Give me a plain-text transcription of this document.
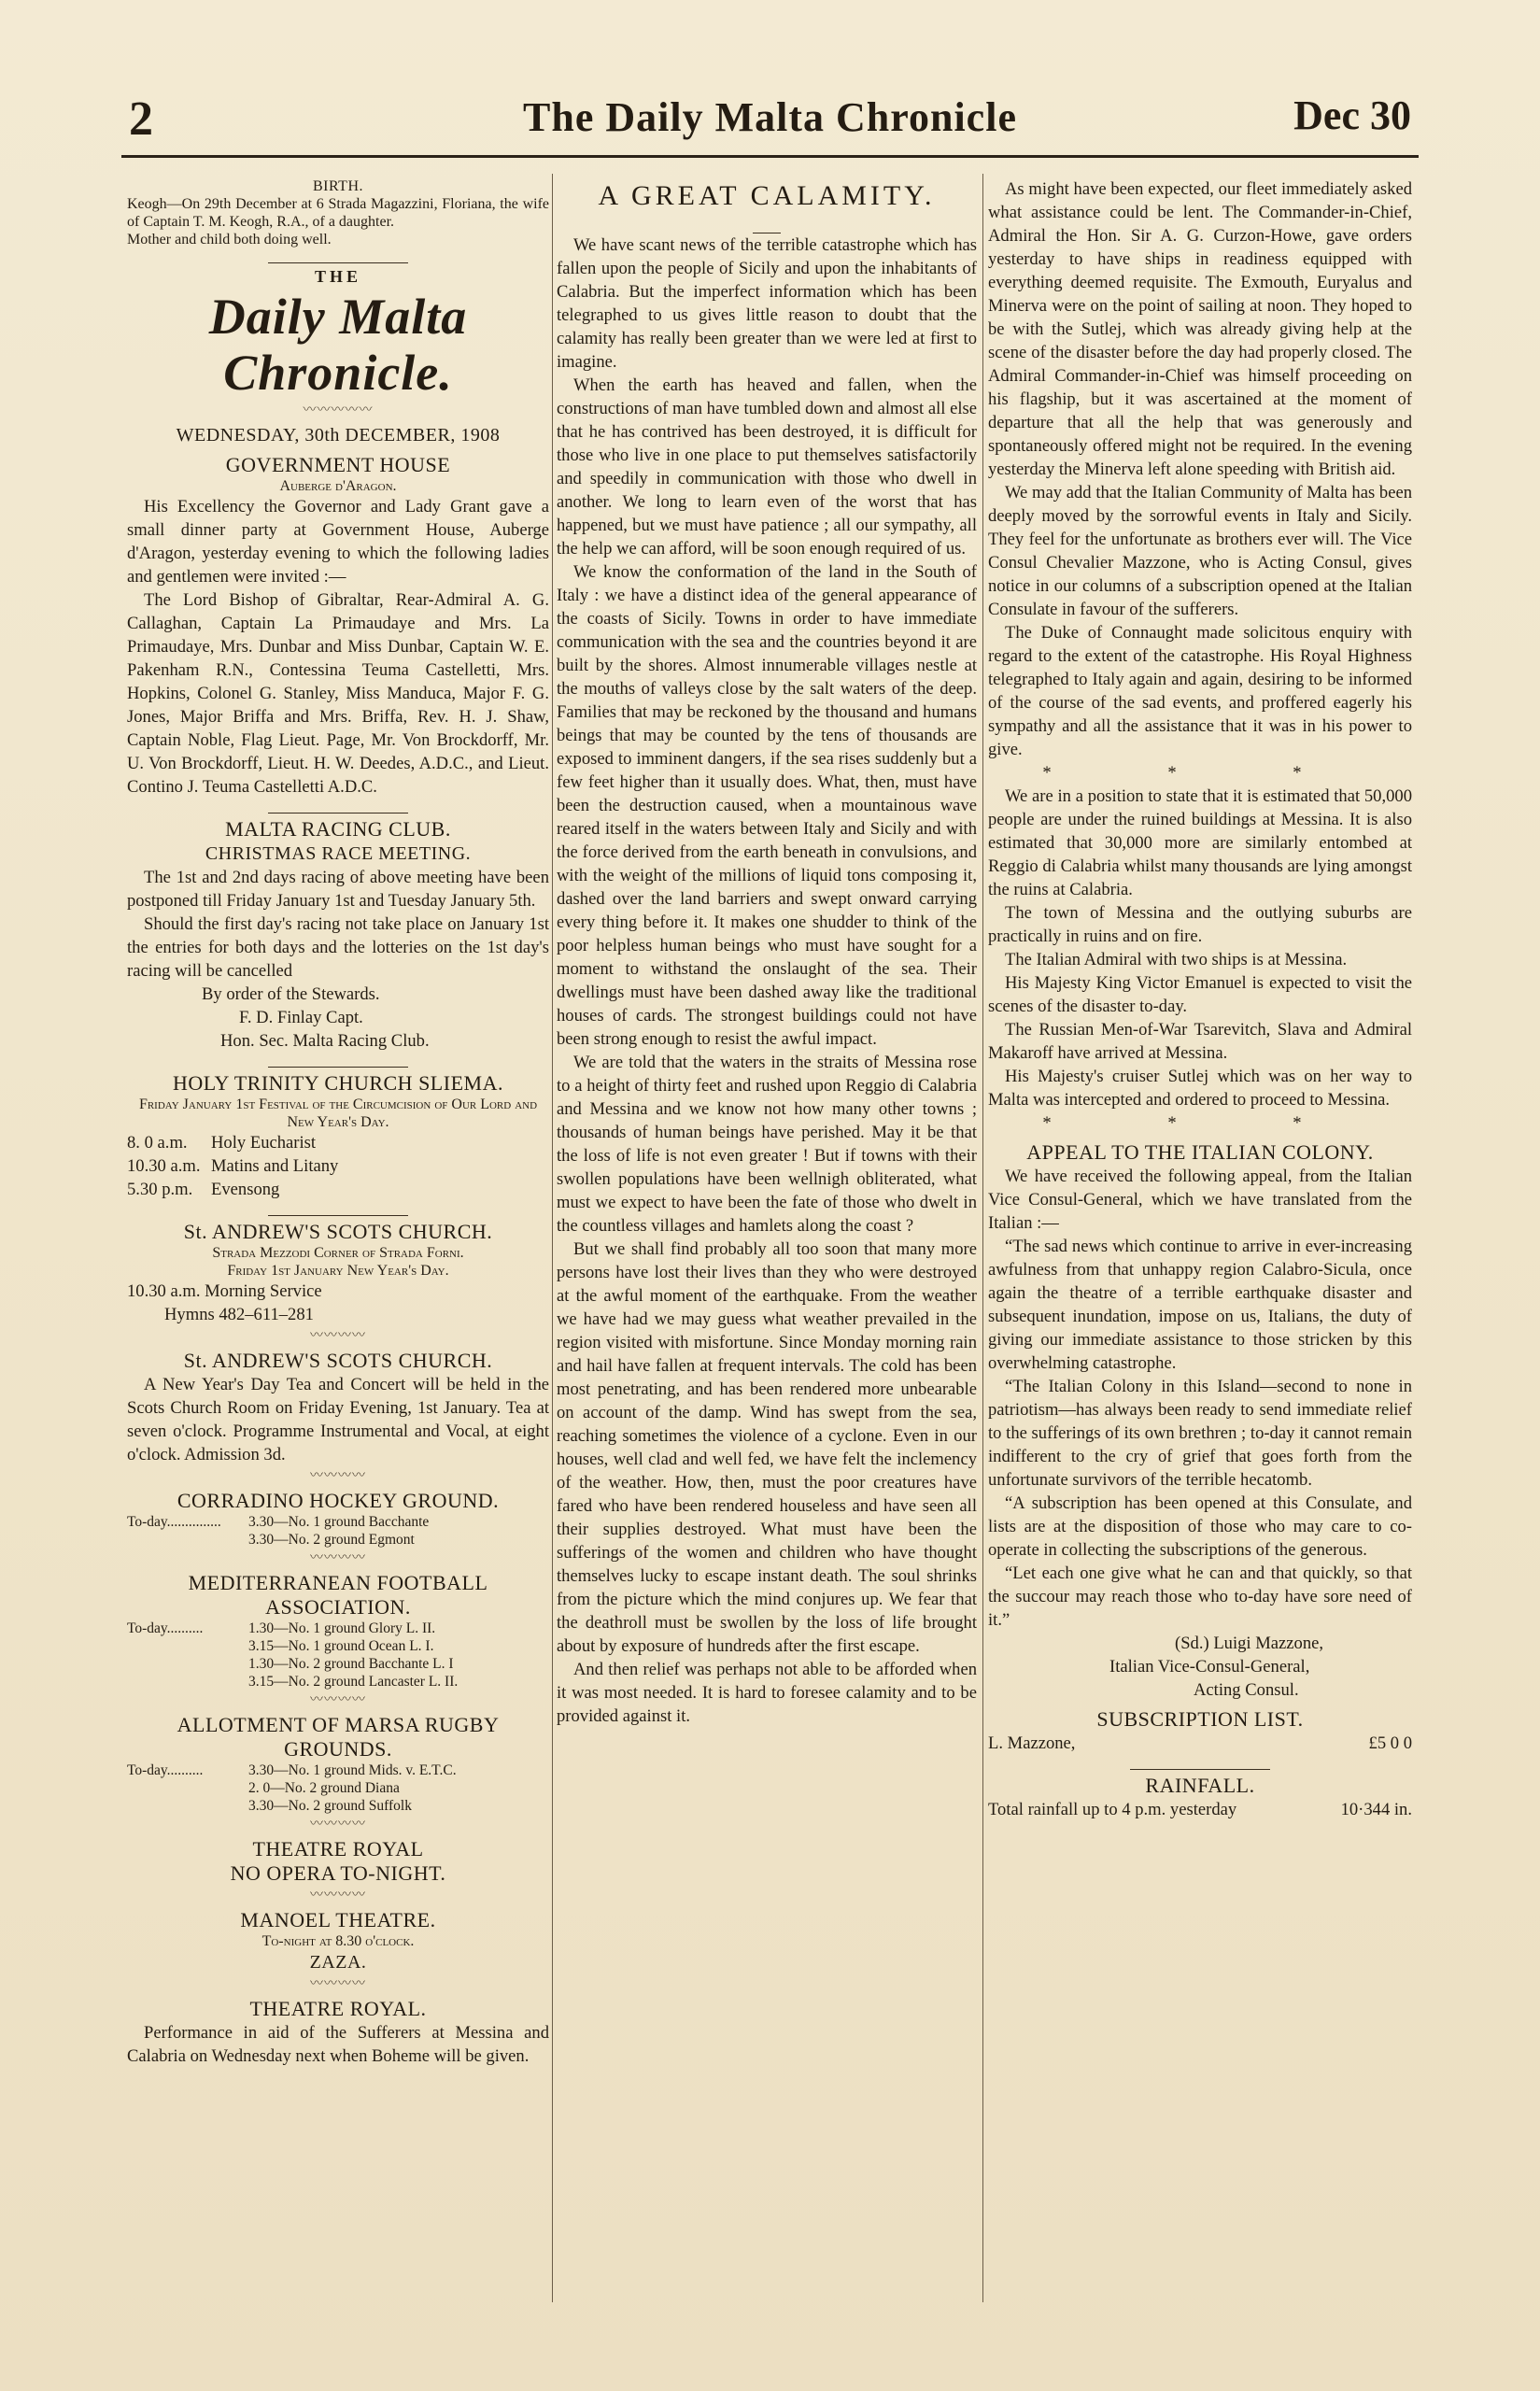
2	The Daily Malta Chronicle	Dec 30
BIRTH.

Keogh—On 29th December at 6 Strada Magazzini, Floriana, the wife of Captain T. M. Keogh, R.A., of a daughter.

Mother and child both doing well.

THE
Daily Malta Chronicle.
〰〰〰〰〰
WEDNESDAY, 30th DECEMBER, 1908
GOVERNMENT HOUSE
Auberge d'Aragon.

His Excellency the Governor and Lady Grant gave a small dinner party at Government House, Auberge d'Aragon, yesterday evening to which the following ladies and gentlemen were invited :—

The Lord Bishop of Gibraltar, Rear-Admiral A. G. Callaghan, Captain La Primaudaye and Mrs. La Primaudaye, Mrs. Dunbar and Miss Dunbar, Captain W. E. Pakenham R.N., Contessina Teuma Castelletti, Mrs. Hopkins, Colonel G. Stanley, Miss Manduca, Major F. G. Jones, Major Briffa and Mrs. Briffa, Rev. H. J. Shaw, Captain Noble, Flag Lieut. Page, Mr. Von Brockdorff, Mr. U. Von Brockdorff, Lieut. H. W. Deedes, A.D.C., and Lieut. Contino J. Teuma Castelletti A.D.C.

MALTA RACING CLUB.
CHRISTMAS RACE MEETING.

The 1st and 2nd days racing of above meeting have been postponed till Friday January 1st and Tuesday January 5th.

Should the first day's racing not take place on January 1st the entries for both days and the lotteries on the 1st day's racing will be cancelled

By order of the Stewards.

F. D. Finlay Capt.

Hon. Sec. Malta Racing Club.

HOLY TRINITY CHURCH SLIEMA.
Friday January 1st Festival of the Circumcision of Our Lord and New Year's Day.
8. 0 a.m.	Holy Eucharist
10.30 a.m. Matins and Litany
5.30 p.m.	Evensong
St. ANDREW'S SCOTS CHURCH.
Strada Mezzodi Corner of Strada Forni.
Friday 1st January New Year's Day.

10.30 a.m. Morning Service

Hymns 482–611–281

〰〰〰〰
St. ANDREW'S SCOTS CHURCH.

A New Year's Day Tea and Concert will be held in the Scots Church Room on Friday Evening, 1st January. Tea at seven o'clock. Programme Instrumental and Vocal, at eight o'clock. Admission 3d.

〰〰〰〰
CORRADINO HOCKEY GROUND.
To-day...............	3.30—No. 1 ground Bacchante
3.30—No. 2 ground Egmont
〰〰〰〰
MEDITERRANEAN FOOTBALL ASSOCIATION.
To-day..........	1.30—No. 1 ground Glory L. II.
3.15—No. 1 ground Ocean L. I.
1.30—No. 2 ground Bacchante L. I
3.15—No. 2 ground Lancaster L. II.
〰〰〰〰
ALLOTMENT OF MARSA RUGBY GROUNDS.
To-day..........	3.30—No. 1 ground Mids. v. E.T.C.
2. 0—No. 2 ground Diana
3.30—No. 2 ground Suffolk
〰〰〰〰
THEATRE ROYAL
NO OPERA TO-NIGHT.
〰〰〰〰
MANOEL THEATRE.
To-night at 8.30 o'clock.
ZAZA.
〰〰〰〰
THEATRE ROYAL.

Performance in aid of the Sufferers at Messina and Calabria on Wednesday next when Boheme will be given.

A GREAT CALAMITY.

We have scant news of the terrible catastrophe which has fallen upon the people of Sicily and upon the inhabitants of Calabria. But the imperfect information which has been telegraphed to us gives little reason to doubt that the calamity has really been greater than we were led at first to imagine.

When the earth has heaved and fallen, when the constructions of man have tumbled down and almost all else that he has contrived has been destroyed, it is difficult for those who live in one place to put themselves satisfactorily and speedily in communication with those who dwell in another. We long to learn even of the worst that has happened, but we must have patience ; all our sympathy, all the help we can afford, will be soon enough required of us.

We know the conformation of the land in the South of Italy : we have a distinct idea of the general appearance of the coasts of Sicily. Towns in order to have immediate communication with the sea and the countries beyond it are built by the shores. Almost innumerable villages nestle at the mouths of valleys close by the salt waters of the deep. Families that may be reckoned by the thousand and humans beings that may be counted by the tens of thousands are exposed to imminent dangers, if the sea rises suddenly but a few feet higher than it usually does. What, then, must have been the destruction caused, when a mountainous wave reared itself in the waters between Italy and Sicily and with the force derived from the earth beneath in convulsions, and with the weight of the millions of liquid tons composing it, dashed over the land barriers and swept onward carrying every thing before it. It makes one shudder to think of the poor helpless human beings who must have sought for a moment to withstand the onslaught of the sea. Their dwellings must have been dashed away like the traditional houses of cards. The strongest buildings could not have been strong enough to resist the awful impact.

We are told that the waters in the straits of Messina rose to a height of thirty feet and rushed upon Reggio di Calabria and Messina and we know not how many other towns ; thousands of human beings have perished. May it be that the loss of life is not even greater ! But if towns with their swollen populations have been wellnigh obliterated, what must we expect to have been the fate of those who dwelt in the countless villages and hamlets along the coast ?

But we shall find probably all too soon that many more persons have lost their lives than they who were destroyed at the awful moment of the earthquake. From the weather we have had we may guess what weather prevailed in the region visited with misfortune. Since Monday morning rain and hail have fallen at frequent intervals. The cold has been most penetrating, and has been rendered more unbearable on account of the damp. Wind has swept from the sea, reaching sometimes the violence of a cyclone. Even in our houses, well clad and well fed, we have felt the inclemency of the weather. How, then, must the poor creatures have fared who have been rendered houseless and have seen all their supplies destroyed. What must have been the sufferings of the women and children who have thought themselves lucky to escape instant death. The soul shrinks from the picture which the mind conjures up. We fear that the deathroll must be swollen by the loss of life brought about by exposure of hundreds after the first escape.

And then relief was perhaps not able to be afforded when it was most needed. It is hard to foresee calamity and to be provided against it.

As might have been expected, our fleet immediately asked what assistance could be lent. The Commander-in-Chief, Admiral the Hon. Sir A. G. Curzon-Howe, gave orders yesterday to have ships in readiness equipped with everything deemed requisite. The Exmouth, Euryalus and Minerva were on the point of sailing at noon. They hoped to be with the Sutlej, which was already giving help at the scene of the disaster before the day had properly closed. The Admiral Commander-in-Chief was himself proceeding on his flagship, but it was ascertained at the moment of departure that all the help that was generously and spontaneously offered might not be required. In the evening yesterday the Minerva left alone speeding with British aid.

We may add that the Italian Community of Malta has been deeply moved by the sorrowful events in Italy and Sicily. They feel for the unfortunate as brothers ever will. The Vice Consul Chevalier Mazzone, who is Acting Consul, gives notice in our columns of a subscription opened at the Italian Consulate in favour of the sufferers.

The Duke of Connaught made solicitous enquiry with regard to the extent of the catastrophe. His Royal Highness telegraphed to Italy again and again, desiring to be informed of the course of the sad events, and proffered eagerly his sympathy and all the assistance that it was in his power to give.

* * *

We are in a position to state that it is estimated that 50,000 people are under the ruined buildings at Messina. It is also estimated that 30,000 more are similarly entombed at Reggio di Calabria whilst many thousands are lying amongst the ruins at Calabria.

The town of Messina and the outlying suburbs are practically in ruins and on fire.

The Italian Admiral with two ships is at Messina.

His Majesty King Victor Emanuel is expected to visit the scenes of the disaster to-day.

The Russian Men-of-War Tsarevitch, Slava and Admiral Makaroff have arrived at Messina.

His Majesty's cruiser Sutlej which was on her way to Malta was intercepted and ordered to proceed to Messina.

* * *
APPEAL TO THE ITALIAN COLONY.

We have received the following appeal, from the Italian Vice Consul-General, which we have translated from the Italian :—

“The sad news which continue to arrive in ever-increasing awfulness from that unhappy region Calabro-Sicula, once again the theatre of a terrible earthquake disaster and subsequent inundation, impose on us, Italians, the duty of giving our immediate assistance to those stricken by this overwhelming catastrophe.

“The Italian Colony in this Island—second to none in patriotism—has always been ready to send immediate relief to the sufferings of its own brethren ; to-day it cannot remain indifferent to the cry of grief that goes forth from the unfortunate survivors of the terrible hecatomb.

“A subscription has been opened at this Consulate, and lists are at the disposition of those who may care to co-operate in collecting the subscriptions of the generous.

“Let each one give what he can and that quickly, so that the succour may reach those who to-day have sore need of it.”

(Sd.) Luigi Mazzone,

Italian Vice-Consul-General,

Acting Consul.

SUBSCRIPTION LIST.
L. Mazzone,	£5 0 0
RAINFALL.
Total rainfall up to 4 p.m. yesterday	10·344 in.
